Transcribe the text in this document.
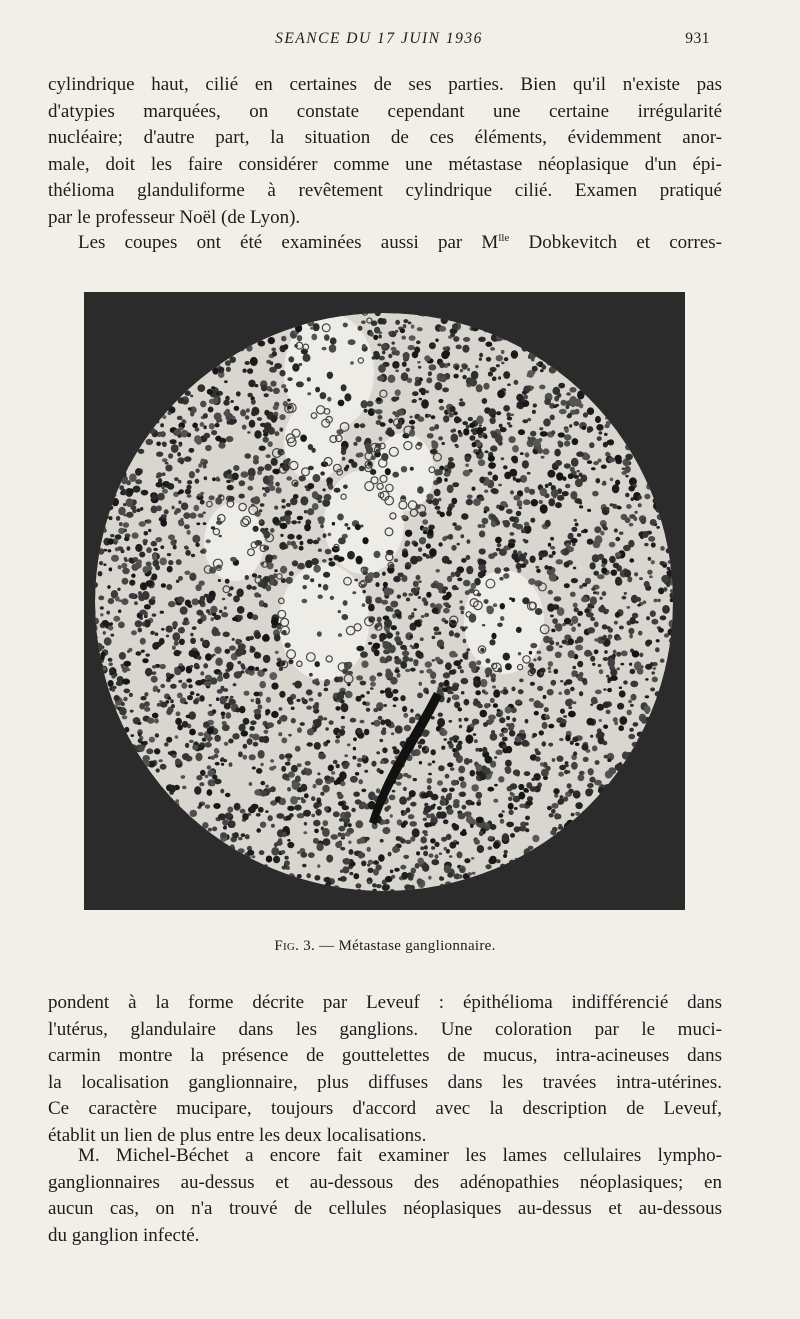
SEANCE DU 17 JUIN 1936	931
cylindrique haut, cilié en certaines de ses parties. Bien qu'il n'existe pas
d'atypies marquées, on constate cependant une certaine irrégularité
nucléaire; d'autre part, la situation de ces éléments, évidemment anor-
male, doit les faire considérer comme une métastase néoplasique d'un épi-
thélioma glanduliforme à revêtement cylindrique cilié. Examen pratiqué
par le professeur Noël (de Lyon).
Les coupes ont été examinées aussi par $M^{lle}$ Dobkevitch et corres-
Fig. 3. — Métastase ganglionnaire.
pondent à la forme décrite par Leveuf : épithélioma indifférencié dans
l'utérus, glandulaire dans les ganglions. Une coloration par le muci-
carmin montre la présence de gouttelettes de mucus, intra-acineuses dans
la localisation ganglionnaire, plus diffuses dans les travées intra-utérines.
Ce caractère mucipare, toujours d'accord avec la description de Leveuf,
établit un lien de plus entre les deux localisations.
M. Michel-Béchet a encore fait examiner les lames cellulaires lympho-
ganglionnaires au-dessus et au-dessous des adénopathies néoplasiques; en
aucun cas, on n'a trouvé de cellules néoplasiques au-dessus et au-dessous
du ganglion infecté.
